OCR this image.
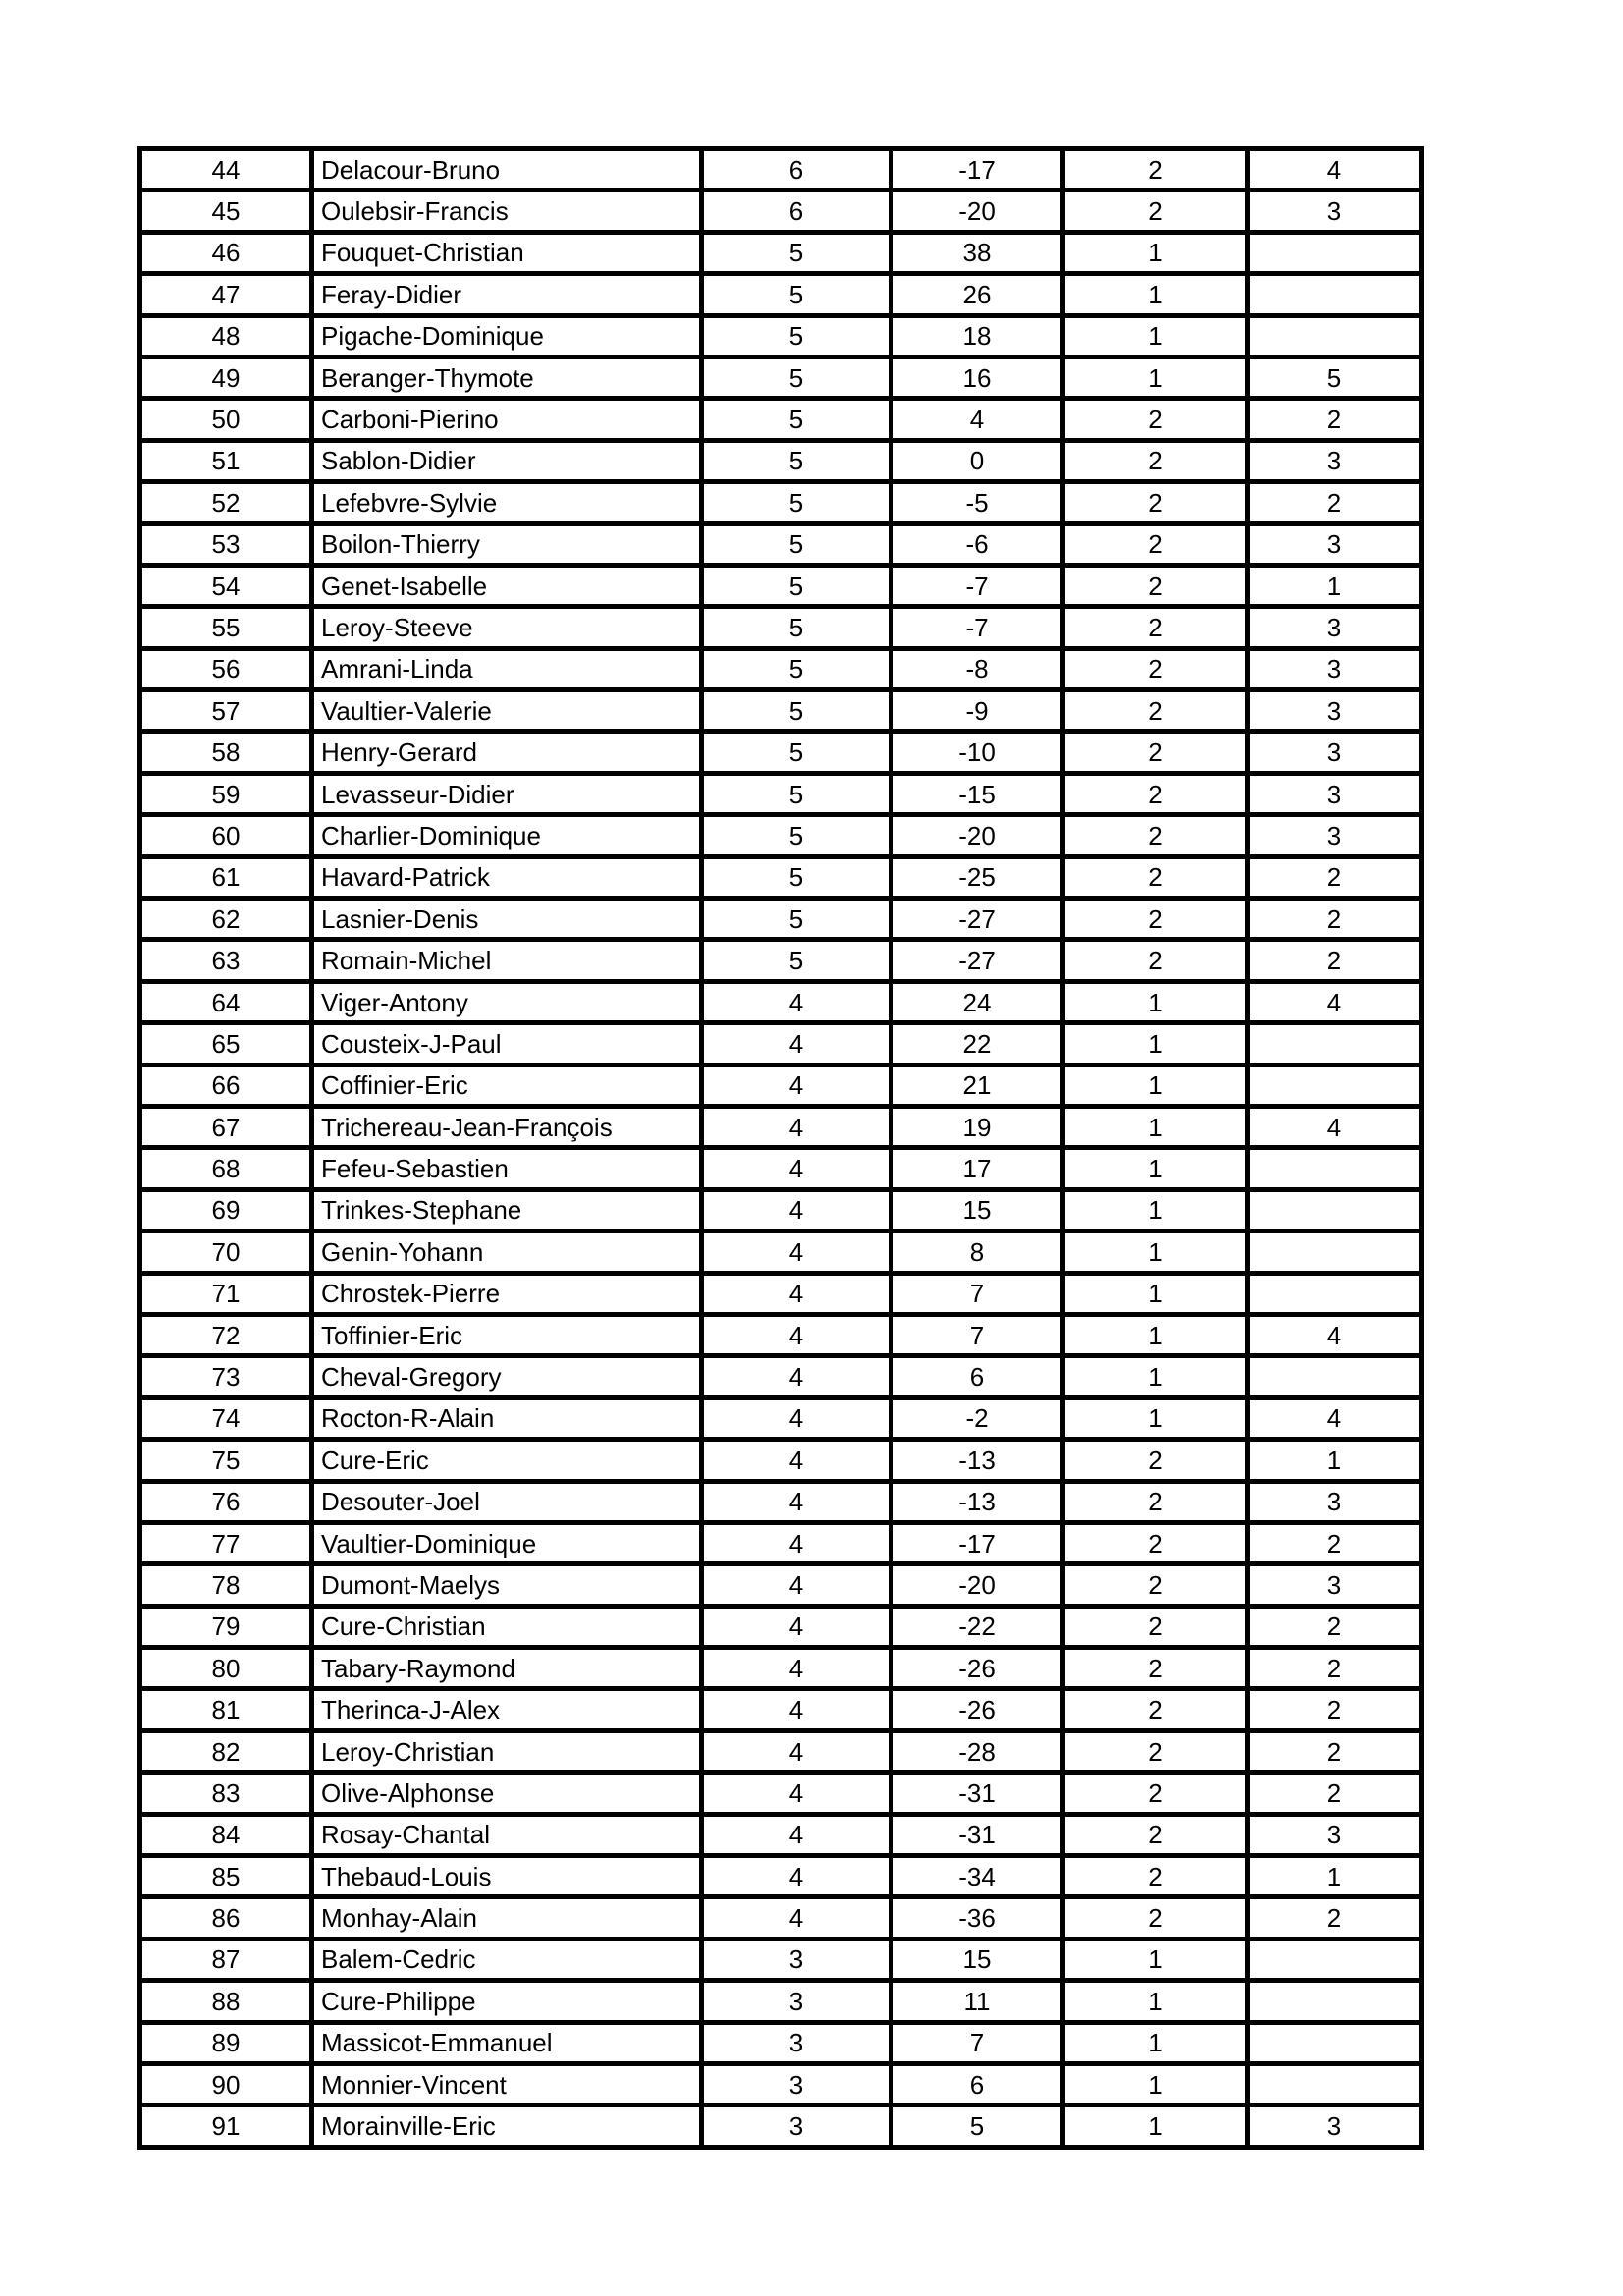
44	Delacour-Bruno	6	-17	2	4
45	Oulebsir-Francis	6	-20	2	3
46	Fouquet-Christian	5	38	1	
47	Feray-Didier	5	26	1	
48	Pigache-Dominique	5	18	1	
49	Beranger-Thymote	5	16	1	5
50	Carboni-Pierino	5	4	2	2
51	Sablon-Didier	5	0	2	3
52	Lefebvre-Sylvie	5	-5	2	2
53	Boilon-Thierry	5	-6	2	3
54	Genet-Isabelle	5	-7	2	1
55	Leroy-Steeve	5	-7	2	3
56	Amrani-Linda	5	-8	2	3
57	Vaultier-Valerie	5	-9	2	3
58	Henry-Gerard	5	-10	2	3
59	Levasseur-Didier	5	-15	2	3
60	Charlier-Dominique	5	-20	2	3
61	Havard-Patrick	5	-25	2	2
62	Lasnier-Denis	5	-27	2	2
63	Romain-Michel	5	-27	2	2
64	Viger-Antony	4	24	1	4
65	Cousteix-J-Paul	4	22	1	
66	Coffinier-Eric	4	21	1	
67	Trichereau-Jean-François	4	19	1	4
68	Fefeu-Sebastien	4	17	1	
69	Trinkes-Stephane	4	15	1	
70	Genin-Yohann	4	8	1	
71	Chrostek-Pierre	4	7	1	
72	Toffinier-Eric	4	7	1	4
73	Cheval-Gregory	4	6	1	
74	Rocton-R-Alain	4	-2	1	4
75	Cure-Eric	4	-13	2	1
76	Desouter-Joel	4	-13	2	3
77	Vaultier-Dominique	4	-17	2	2
78	Dumont-Maelys	4	-20	2	3
79	Cure-Christian	4	-22	2	2
80	Tabary-Raymond	4	-26	2	2
81	Therinca-J-Alex	4	-26	2	2
82	Leroy-Christian	4	-28	2	2
83	Olive-Alphonse	4	-31	2	2
84	Rosay-Chantal	4	-31	2	3
85	Thebaud-Louis	4	-34	2	1
86	Monhay-Alain	4	-36	2	2
87	Balem-Cedric	3	15	1	
88	Cure-Philippe	3	11	1	
89	Massicot-Emmanuel	3	7	1	
90	Monnier-Vincent	3	6	1	
91	Morainville-Eric	3	5	1	3
